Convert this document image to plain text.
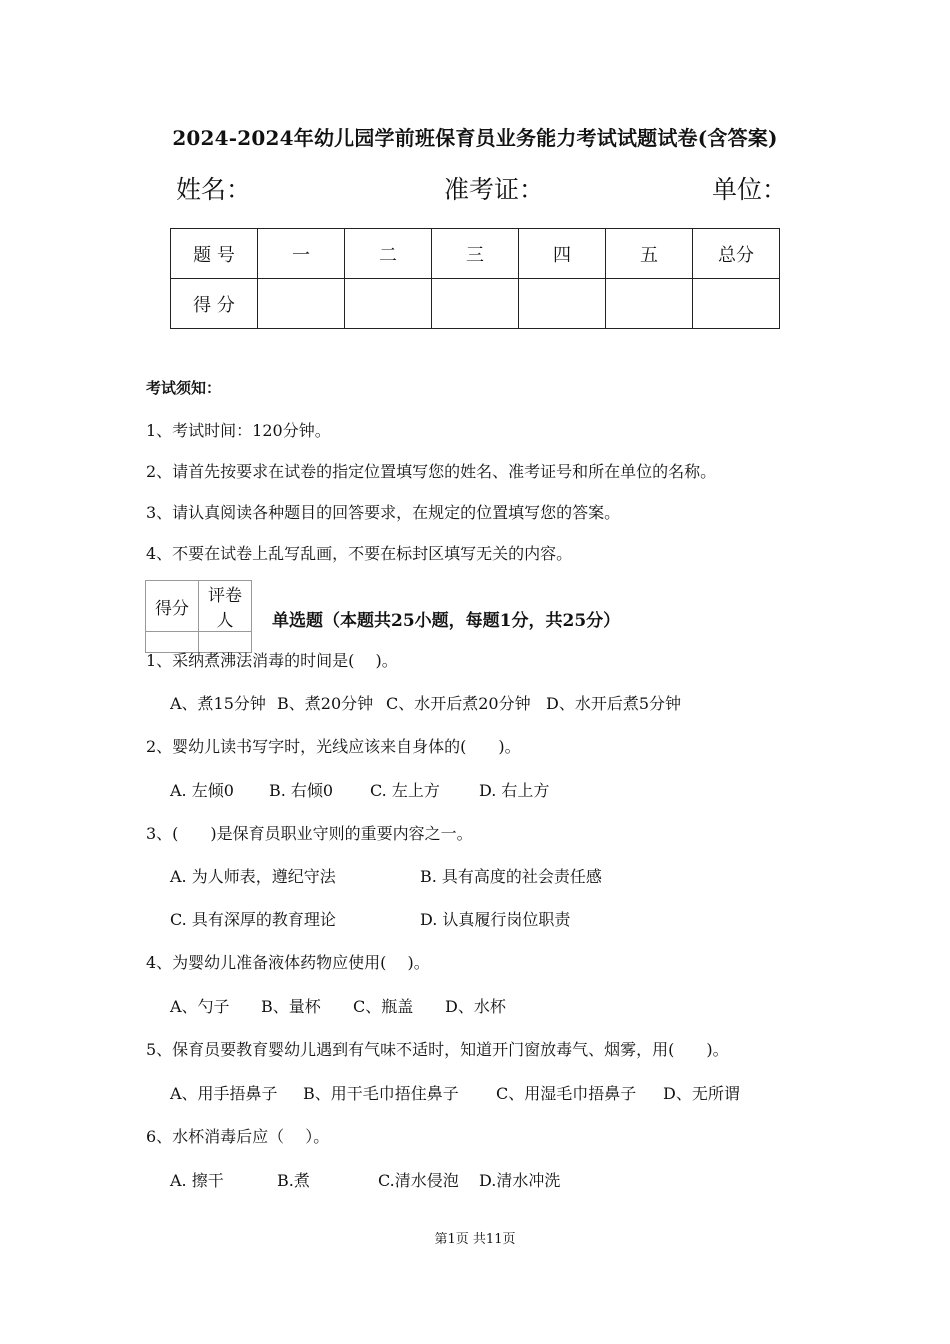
2024-2024年幼儿园学前班保育员业务能力考试试题试卷(含答案)
姓名：	准考证：	单位：
题 号	一	二	三	四	五	总分
得 分						
考试须知：
1、考试时间：120分钟。
2、请首先按要求在试卷的指定位置填写您的姓名、准考证号和所在单位的名称。
3、请认真阅读各种题目的回答要求，在规定的位置填写您的答案。
4、不要在试卷上乱写乱画，不要在标封区填写无关的内容。
得分	评卷人
	单选题（本题共25小题，每题1分，共25分）
1、采纳煮沸法消毒的时间是(　 )。
A、煮15分钟 B、煮20分钟 C、水开后煮20分钟 D、水开后煮5分钟
2、婴幼儿读书写字时，光线应该来自身体的(　　)。
A. 左倾0 B. 右倾0 C. 左上方 D. 右上方
3、(　　)是保育员职业守则的重要内容之一。
A. 为人师表，遵纪守法	B. 具有高度的社会责任感
C. 具有深厚的教育理论	D. 认真履行岗位职责
4、为婴幼儿准备液体药物应使用(　 )。
A、勺子 B、量杯 C、瓶盖 D、水杯
5、保育员要教育婴幼儿遇到有气味不适时，知道开门窗放毒气、烟雾，用(　　)。
A、用手捂鼻子 B、用干毛巾捂住鼻子 C、用湿毛巾捂鼻子 D、无所谓
6、水杯消毒后应（　 ）。
A. 擦干	B.煮	C.清水侵泡 D.清水冲洗
第1页 共11页
